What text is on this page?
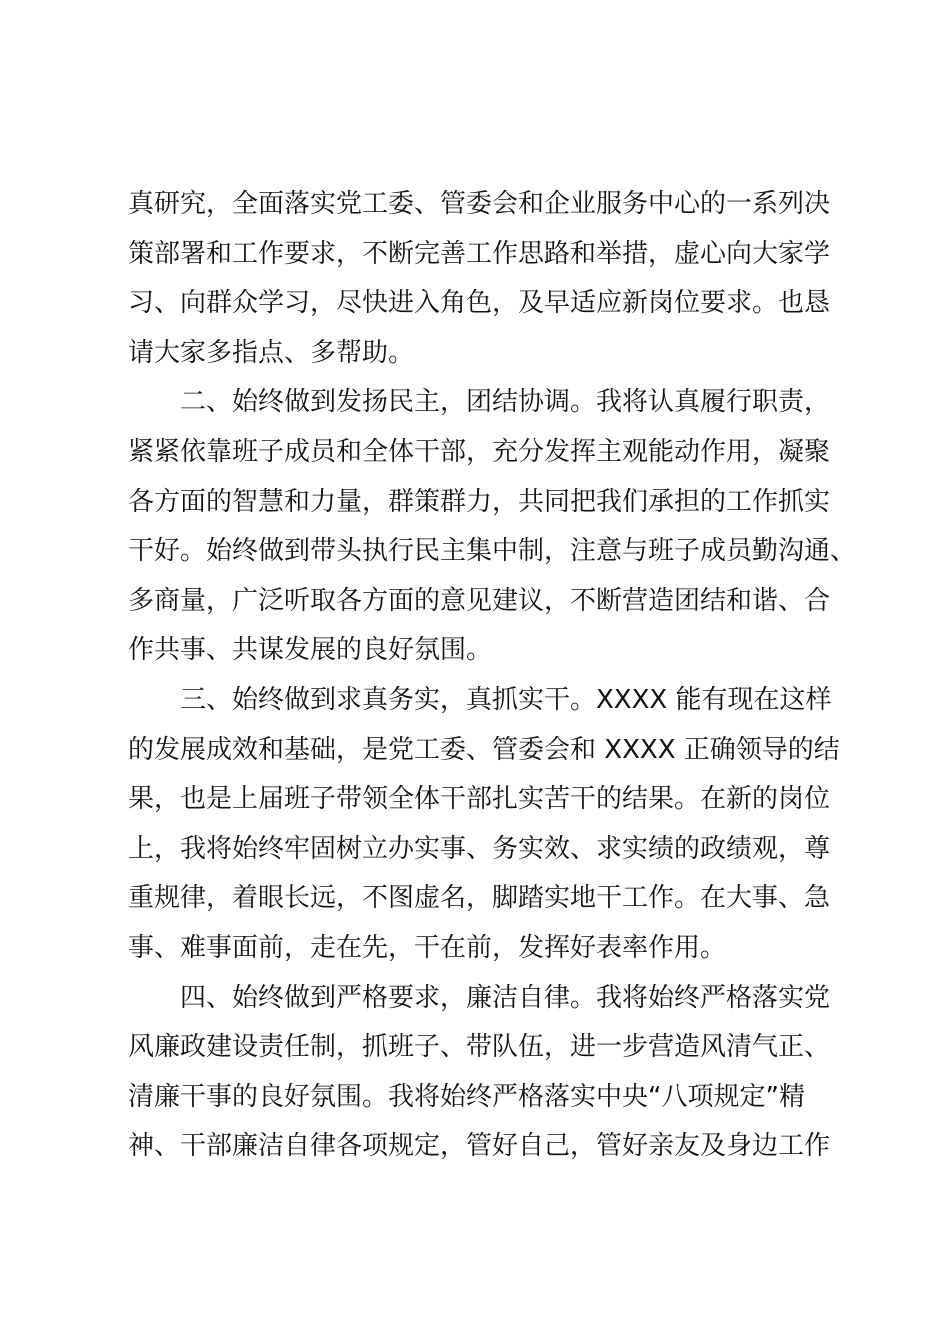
真研究，全面落实党工委、管委会和企业服务中心的一系列决
策部署和工作要求，不断完善工作思路和举措，虚心向大家学
习、向群众学习，尽快进入角色，及早适应新岗位要求。也恳
请大家多指点、多帮助。
二、始终做到发扬民主，团结协调。我将认真履行职责，
紧紧依靠班子成员和全体干部，充分发挥主观能动作用，凝聚
各方面的智慧和力量，群策群力，共同把我们承担的工作抓实
干好。始终做到带头执行民主集中制，注意与班子成员勤沟通、
多商量，广泛听取各方面的意见建议，不断营造团结和谐、合
作共事、共谋发展的良好氛围。
三、始终做到求真务实，真抓实干。XXXX 能有现在这样
的发展成效和基础，是党工委、管委会和 XXXX 正确领导的结
果，也是上届班子带领全体干部扎实苦干的结果。在新的岗位
上，我将始终牢固树立办实事、务实效、求实绩的政绩观，尊
重规律，着眼长远，不图虚名，脚踏实地干工作。在大事、急
事、难事面前，走在先，干在前，发挥好表率作用。
四、始终做到严格要求，廉洁自律。我将始终严格落实党
风廉政建设责任制，抓班子、带队伍，进一步营造风清气正、
清廉干事的良好氛围。我将始终严格落实中央“八项规定”精
神、干部廉洁自律各项规定，管好自己，管好亲友及身边工作
